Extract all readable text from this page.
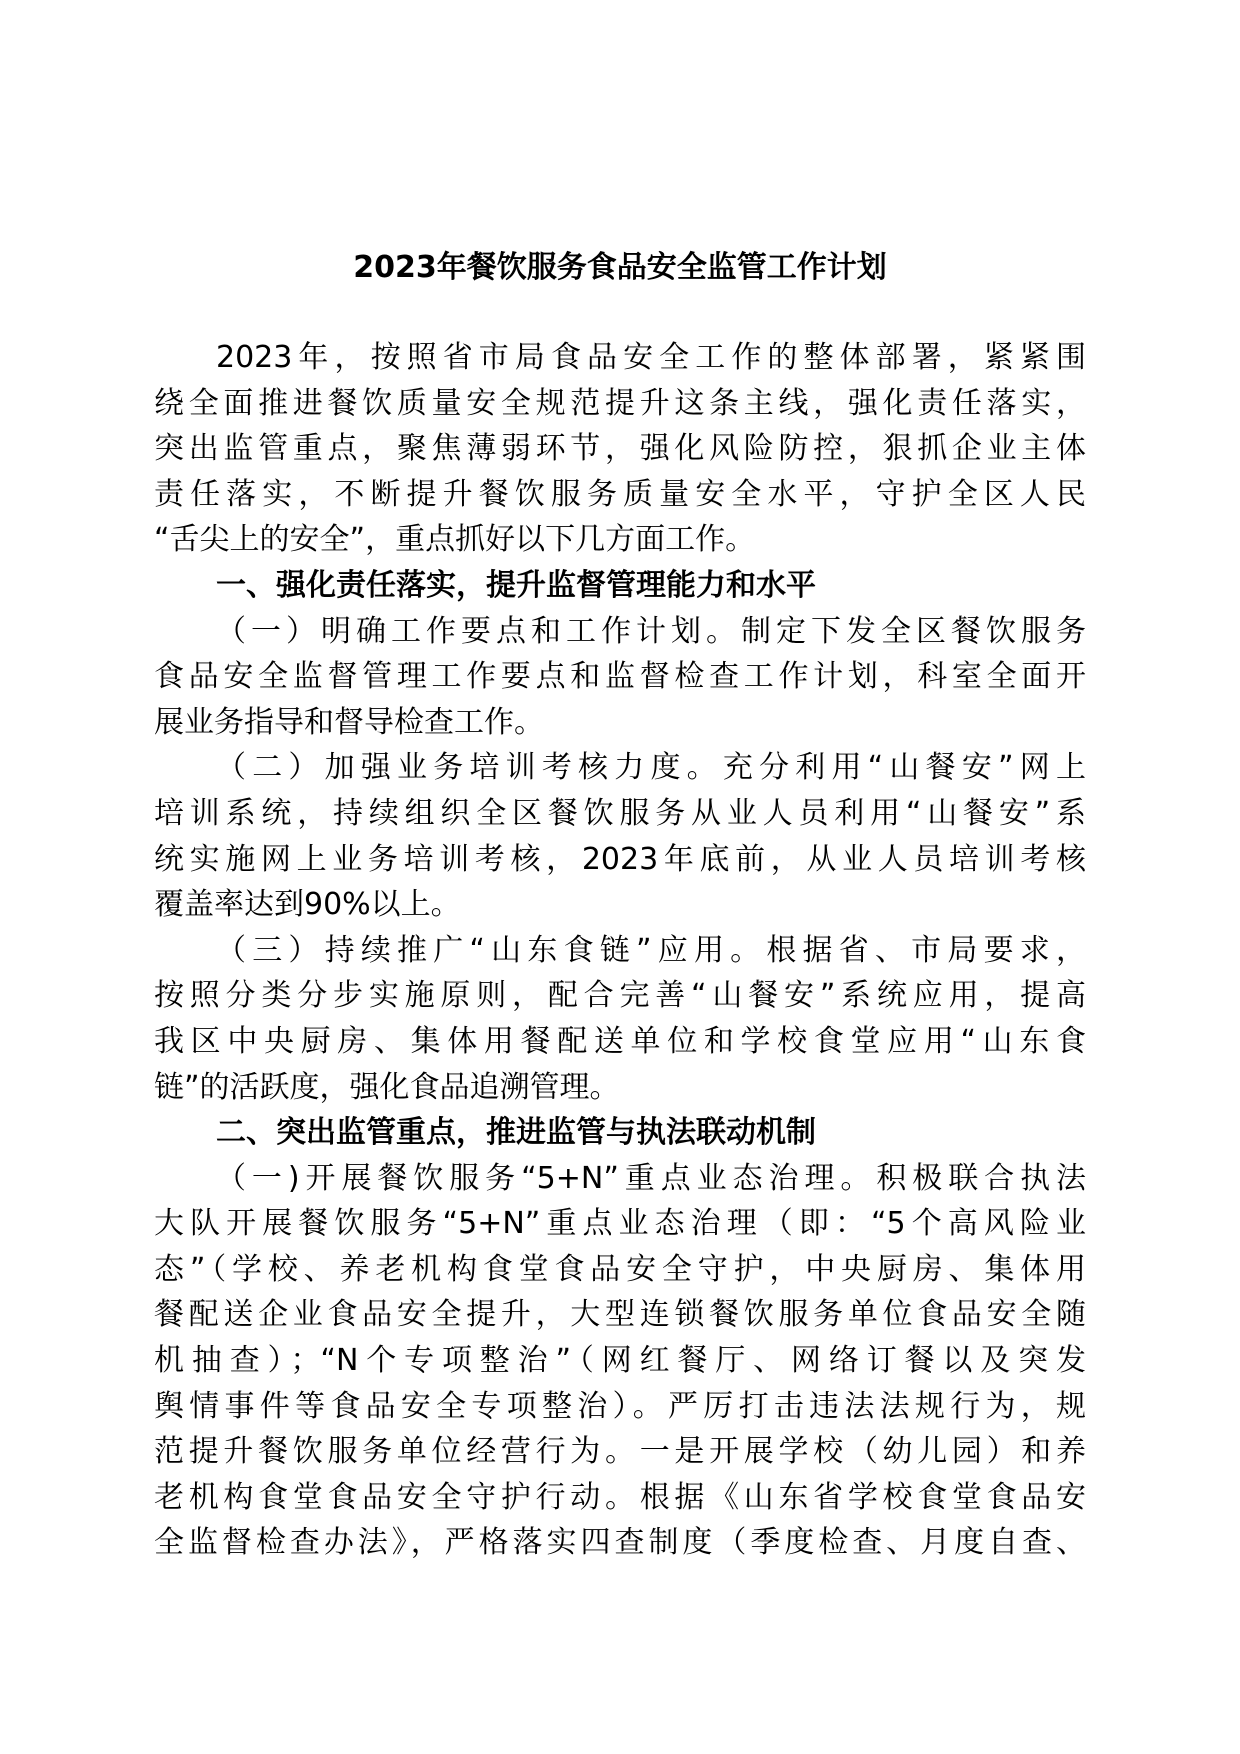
2023年餐饮服务食品安全监管工作计划
2023年，按照省市局食品安全工作的整体部署，紧紧围
绕全面推进餐饮质量安全规范提升这条主线，强化责任落实，
突出监管重点，聚焦薄弱环节，强化风险防控，狠抓企业主体
责任落实，不断提升餐饮服务质量安全水平，守护全区人民
“舌尖上的安全”，重点抓好以下几方面工作。
一、强化责任落实，提升监督管理能力和水平
（一）明确工作要点和工作计划。制定下发全区餐饮服务
食品安全监督管理工作要点和监督检查工作计划，科室全面开
展业务指导和督导检查工作。
（二）加强业务培训考核力度。充分利用“山餐安”网上
培训系统，持续组织全区餐饮服务从业人员利用“山餐安”系
统实施网上业务培训考核，2023年底前，从业人员培训考核
覆盖率达到90%以上。
（三）持续推广“山东食链”应用。根据省、市局要求，
按照分类分步实施原则，配合完善“山餐安”系统应用，提高
我区中央厨房、集体用餐配送单位和学校食堂应用“山东食
链”的活跃度，强化食品追溯管理。
二、突出监管重点，推进监管与执法联动机制
（一)开展餐饮服务“5+N”重点业态治理。积极联合执法
大队开展餐饮服务“5+N”重点业态治理（即：“5个高风险业
态”（学校、养老机构食堂食品安全守护，中央厨房、集体用
餐配送企业食品安全提升，大型连锁餐饮服务单位食品安全随
机抽查）；“N个专项整治”（网红餐厅、网络订餐以及突发
舆情事件等食品安全专项整治）。严厉打击违法法规行为，规
范提升餐饮服务单位经营行为。一是开展学校（幼儿园）和养
老机构食堂食品安全守护行动。根据《山东省学校食堂食品安
全监督检查办法》，严格落实四查制度（季度检查、月度自查、
